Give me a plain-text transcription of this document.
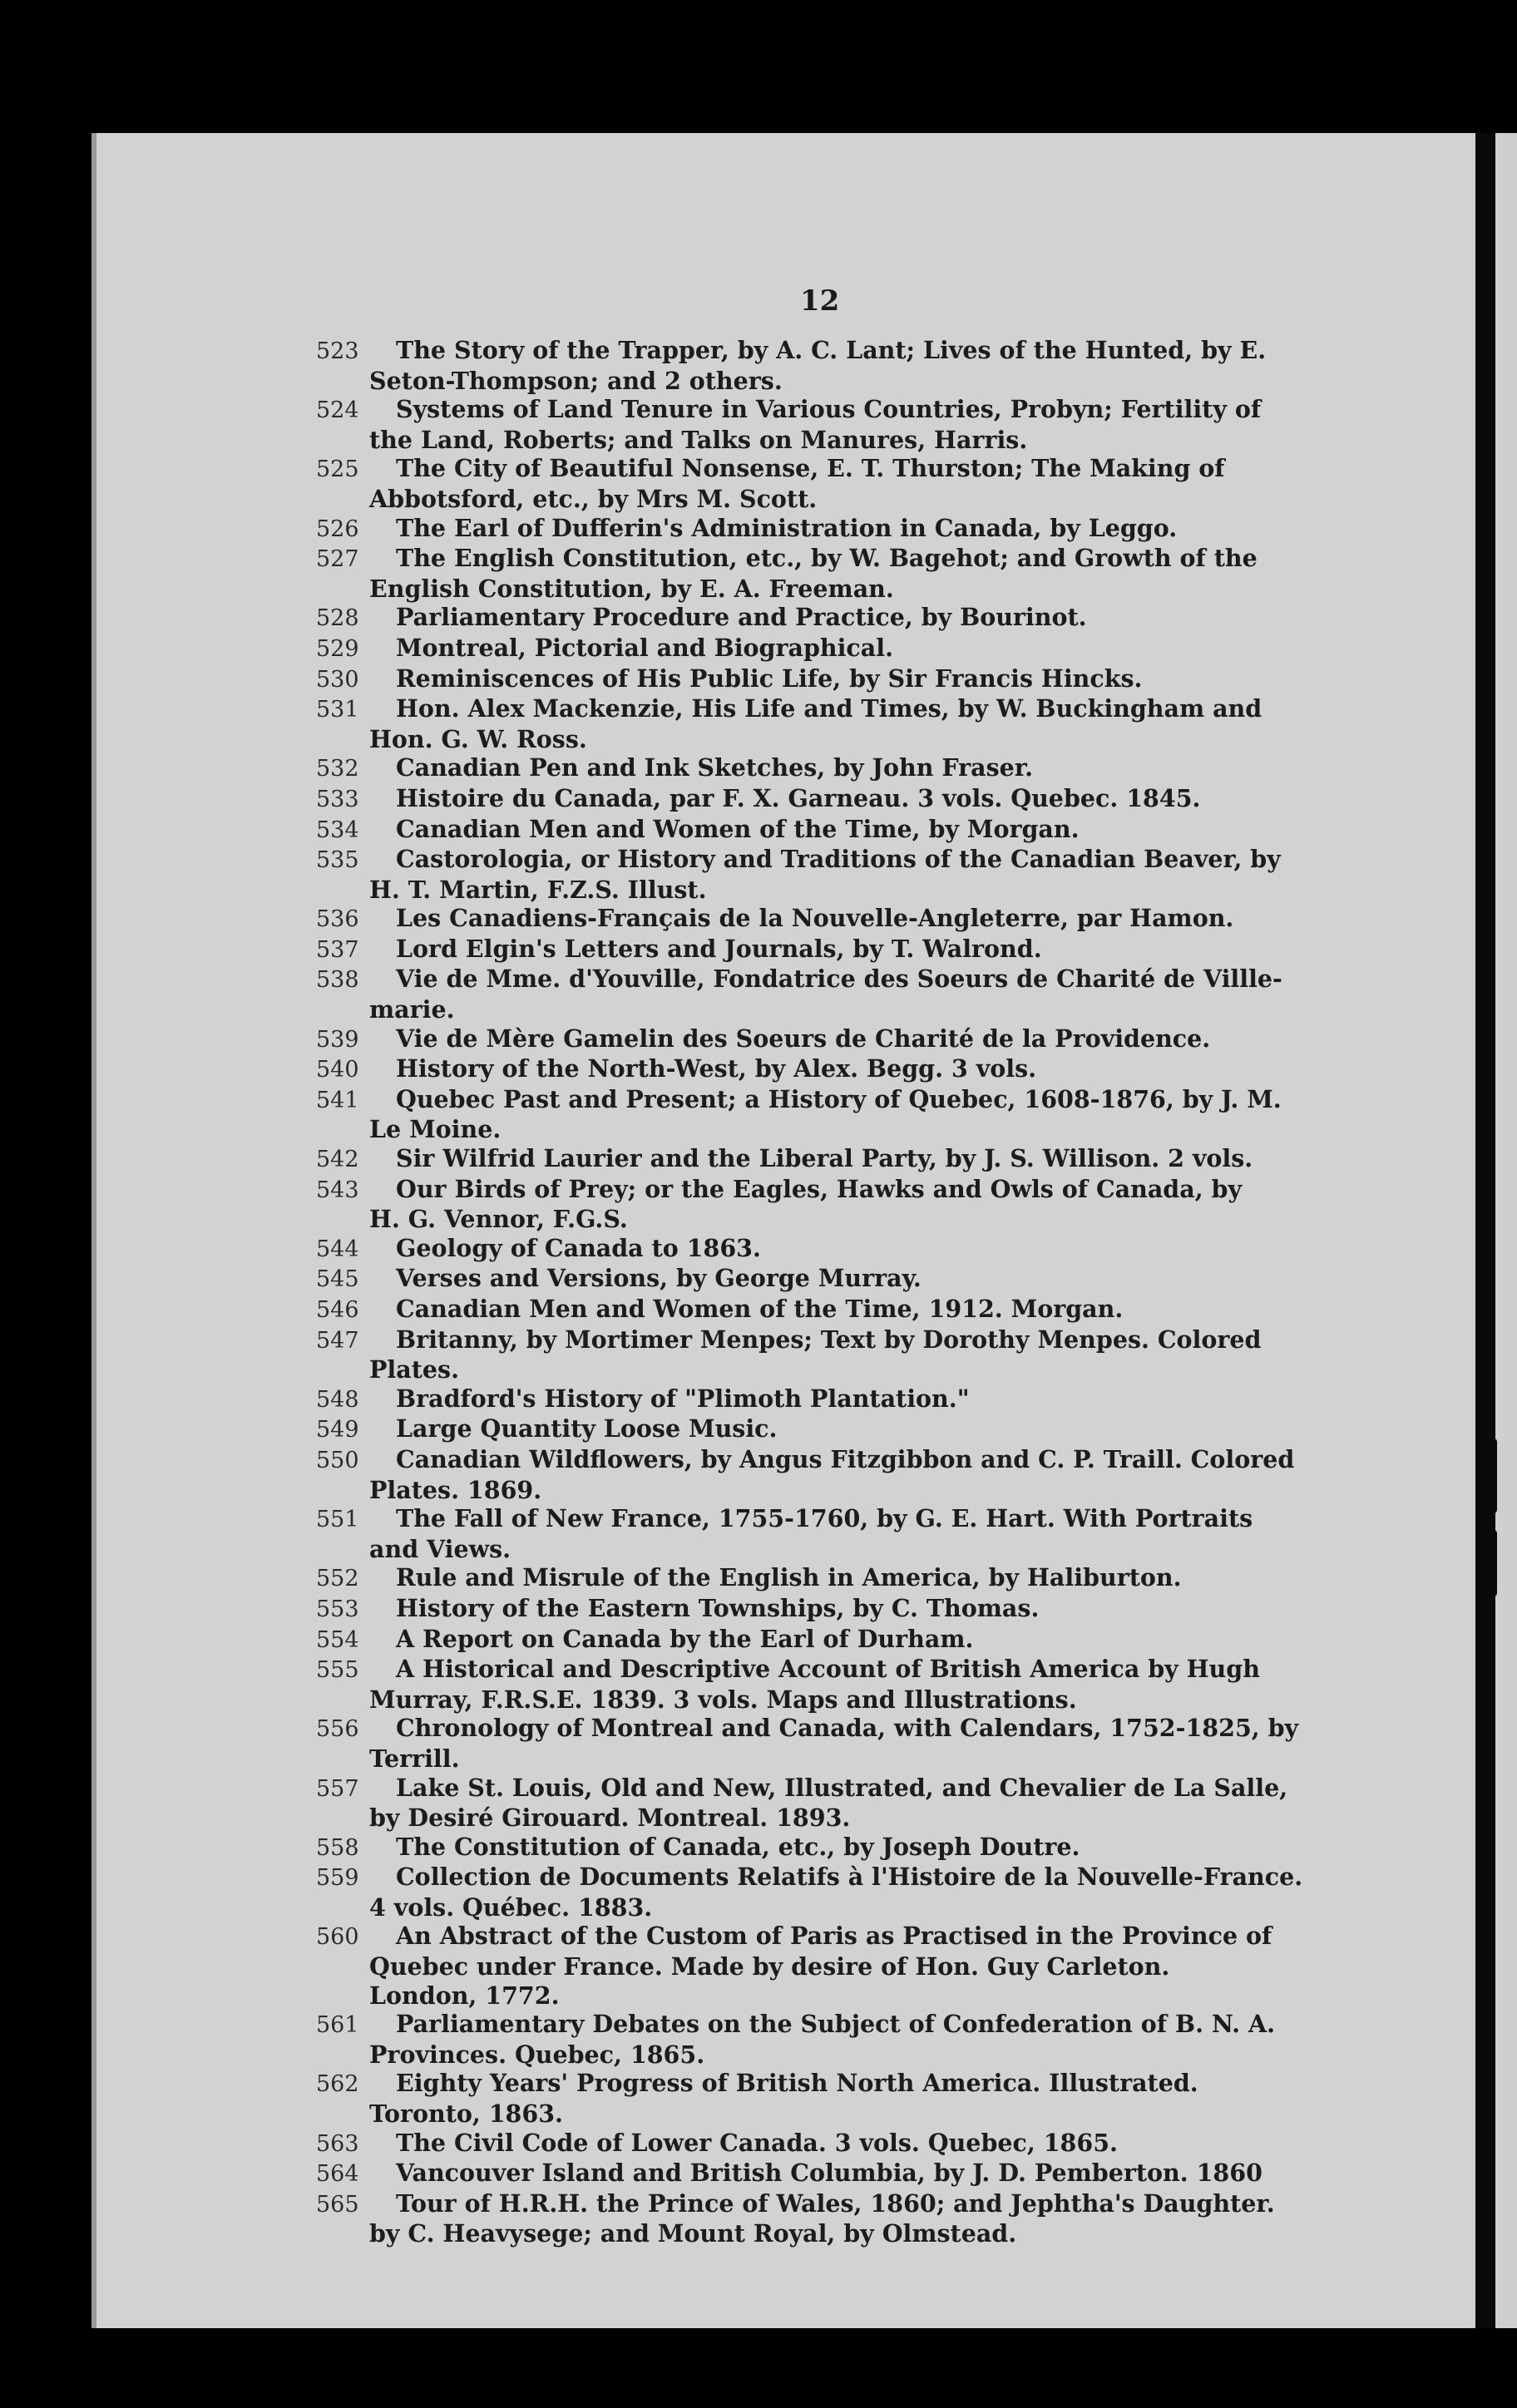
12
523 The Story of the Trapper, by A. C. Lant; Lives of the Hunted, by E.
Seton-Thompson; and 2 others.
524 Systems of Land Tenure in Various Countries, Probyn; Fertility of
the Land, Roberts; and Talks on Manures, Harris.
525 The City of Beautiful Nonsense, E. T. Thurston; The Making of
Abbotsford, etc., by Mrs M. Scott.
526 The Earl of Dufferin's Administration in Canada, by Leggo.
527 The English Constitution, etc., by W. Bagehot; and Growth of the
English Constitution, by E. A. Freeman.
528 Parliamentary Procedure and Practice, by Bourinot.
529 Montreal, Pictorial and Biographical.
530 Reminiscences of His Public Life, by Sir Francis Hincks.
531 Hon. Alex Mackenzie, His Life and Times, by W. Buckingham and
Hon. G. W. Ross.
532 Canadian Pen and Ink Sketches, by John Fraser.
533 Histoire du Canada, par F. X. Garneau. 3 vols. Quebec. 1845.
534 Canadian Men and Women of the Time, by Morgan.
535 Castorologia, or History and Traditions of the Canadian Beaver, by
H. T. Martin, F.Z.S. Illust.
536 Les Canadiens-Français de la Nouvelle-Angleterre, par Hamon.
537 Lord Elgin's Letters and Journals, by T. Walrond.
538 Vie de Mme. d'Youville, Fondatrice des Soeurs de Charité de Villle-
marie.
539 Vie de Mère Gamelin des Soeurs de Charité de la Providence.
540 History of the North-West, by Alex. Begg. 3 vols.
541 Quebec Past and Present; a History of Quebec, 1608-1876, by J. M.
Le Moine.
542 Sir Wilfrid Laurier and the Liberal Party, by J. S. Willison. 2 vols.
543 Our Birds of Prey; or the Eagles, Hawks and Owls of Canada, by
H. G. Vennor, F.G.S.
544 Geology of Canada to 1863.
545 Verses and Versions, by George Murray.
546 Canadian Men and Women of the Time, 1912. Morgan.
547 Britanny, by Mortimer Menpes; Text by Dorothy Menpes. Colored
Plates.
548 Bradford's History of "Plimoth Plantation."
549 Large Quantity Loose Music.
550 Canadian Wildflowers, by Angus Fitzgibbon and C. P. Traill. Colored
Plates. 1869.
551 The Fall of New France, 1755-1760, by G. E. Hart. With Portraits
and Views.
552 Rule and Misrule of the English in America, by Haliburton.
553 History of the Eastern Townships, by C. Thomas.
554 A Report on Canada by the Earl of Durham.
555 A Historical and Descriptive Account of British America by Hugh
Murray, F.R.S.E. 1839. 3 vols. Maps and Illustrations.
556 Chronology of Montreal and Canada, with Calendars, 1752-1825, by
Terrill.
557 Lake St. Louis, Old and New, Illustrated, and Chevalier de La Salle,
by Desiré Girouard. Montreal. 1893.
558 The Constitution of Canada, etc., by Joseph Doutre.
559 Collection de Documents Relatifs à l'Histoire de la Nouvelle-France.
4 vols. Québec. 1883.
560 An Abstract of the Custom of Paris as Practised in the Province of
Quebec under France. Made by desire of Hon. Guy Carleton.
London, 1772.
561 Parliamentary Debates on the Subject of Confederation of B. N. A.
Provinces. Quebec, 1865.
562 Eighty Years' Progress of British North America. Illustrated.
Toronto, 1863.
563 The Civil Code of Lower Canada. 3 vols. Quebec, 1865.
564 Vancouver Island and British Columbia, by J. D. Pemberton. 1860
565 Tour of H.R.H. the Prince of Wales, 1860; and Jephtha's Daughter.
by C. Heavysege; and Mount Royal, by Olmstead.
